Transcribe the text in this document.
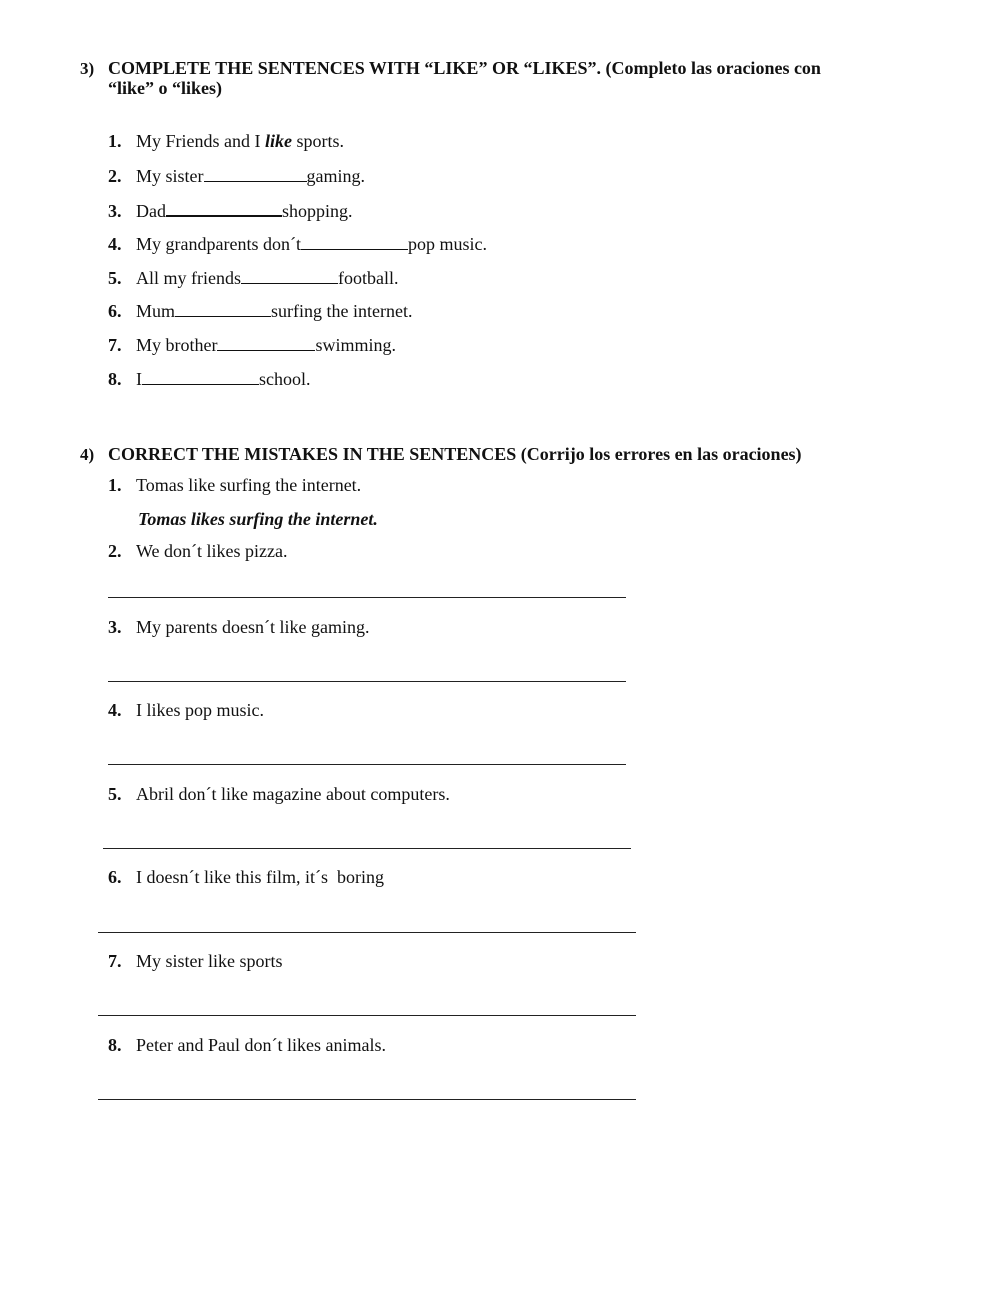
3) COMPLETE THE SENTENCES WITH “LIKE” OR “LIKES”. (Completo las oraciones con
“like” o “likes)
1. My Friends and I like sports.
2. My sister	gaming.
3. Dad	shopping.
4. My grandparents don´t	pop music.
5. All my friends	football.
6. Mum	surfing the internet.
7. My brother	swimming.
8. I	school.
4) CORRECT THE MISTAKES IN THE SENTENCES (Corrijo los errores en las oraciones)
1. Tomas like surfing the internet.
Tomas likes surfing the internet.
2. We don´t likes pizza.
3. My parents doesn´t like gaming.
4. I likes pop music.
5. Abril don´t like magazine about computers.
6. I doesn´t like this film, it´s  boring
7. My sister like sports
8. Peter and Paul don´t likes animals.
